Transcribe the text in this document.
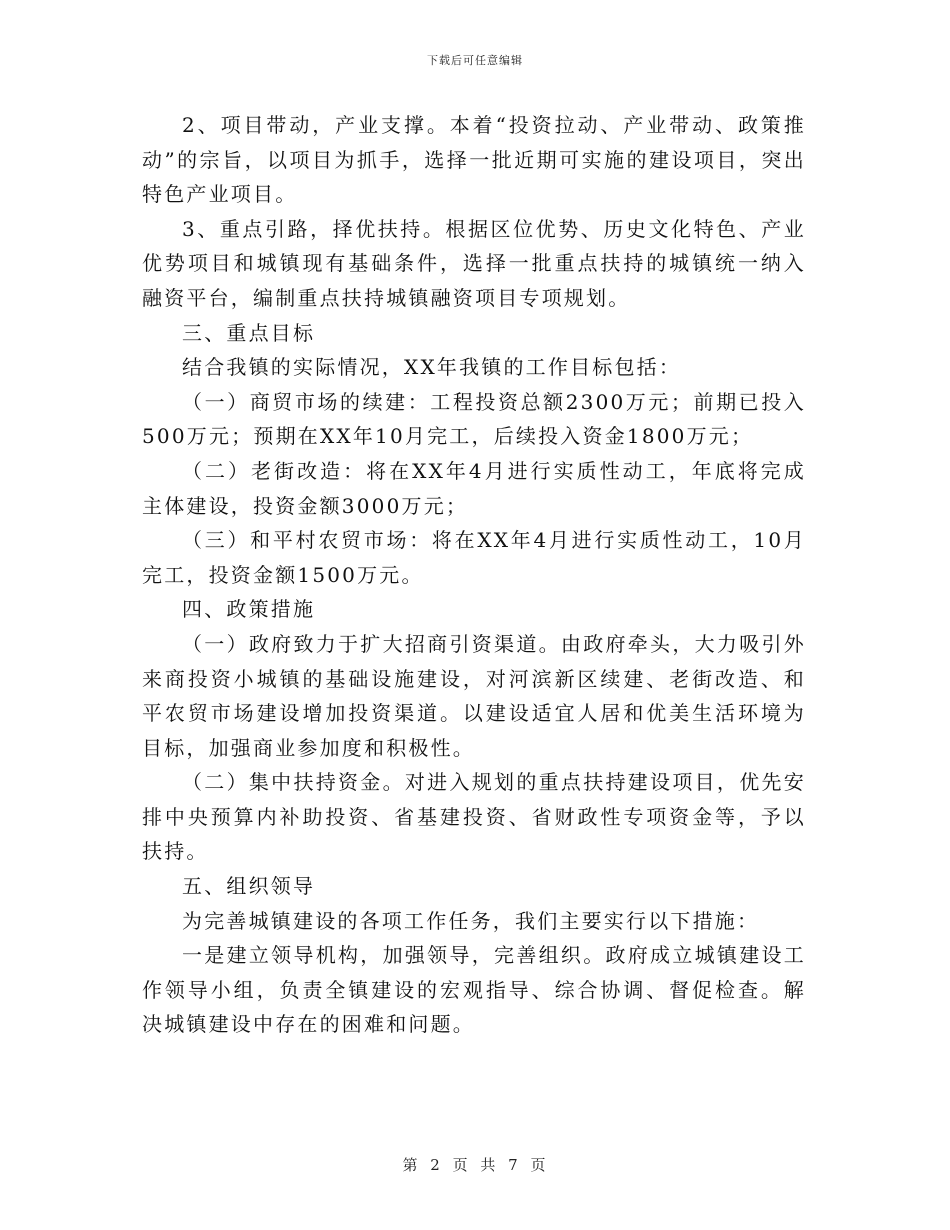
下载后可任意编辑

2、项目带动，产业支撑。本着“投资拉动、产业带动、政策推动”的宗旨，以项目为抓手，选择一批近期可实施的建设项目，突出特色产业项目。

3、重点引路，择优扶持。根据区位优势、历史文化特色、产业优势项目和城镇现有基础条件，选择一批重点扶持的城镇统一纳入融资平台，编制重点扶持城镇融资项目专项规划。

三、重点目标

结合我镇的实际情况，XX年我镇的工作目标包括：

（一）商贸市场的续建：工程投资总额2300万元；前期已投入500万元；预期在XX年10月完工，后续投入资金1800万元；

（二）老街改造：将在XX年4月进行实质性动工，年底将完成主体建设，投资金额3000万元；

（三）和平村农贸市场：将在XX年4月进行实质性动工，10月完工，投资金额1500万元。

四、政策措施

（一）政府致力于扩大招商引资渠道。由政府牵头，大力吸引外来商投资小城镇的基础设施建设，对河滨新区续建、老街改造、和平农贸市场建设增加投资渠道。以建设适宜人居和优美生活环境为目标，加强商业参加度和积极性。

（二）集中扶持资金。对进入规划的重点扶持建设项目，优先安排中央预算内补助投资、省基建投资、省财政性专项资金等，予以扶持。

五、组织领导

为完善城镇建设的各项工作任务，我们主要实行以下措施：

一是建立领导机构，加强领导，完善组织。政府成立城镇建设工作领导小组，负责全镇建设的宏观指导、综合协调、督促检查。解决城镇建设中存在的困难和问题。

第 2 页 共 7 页
